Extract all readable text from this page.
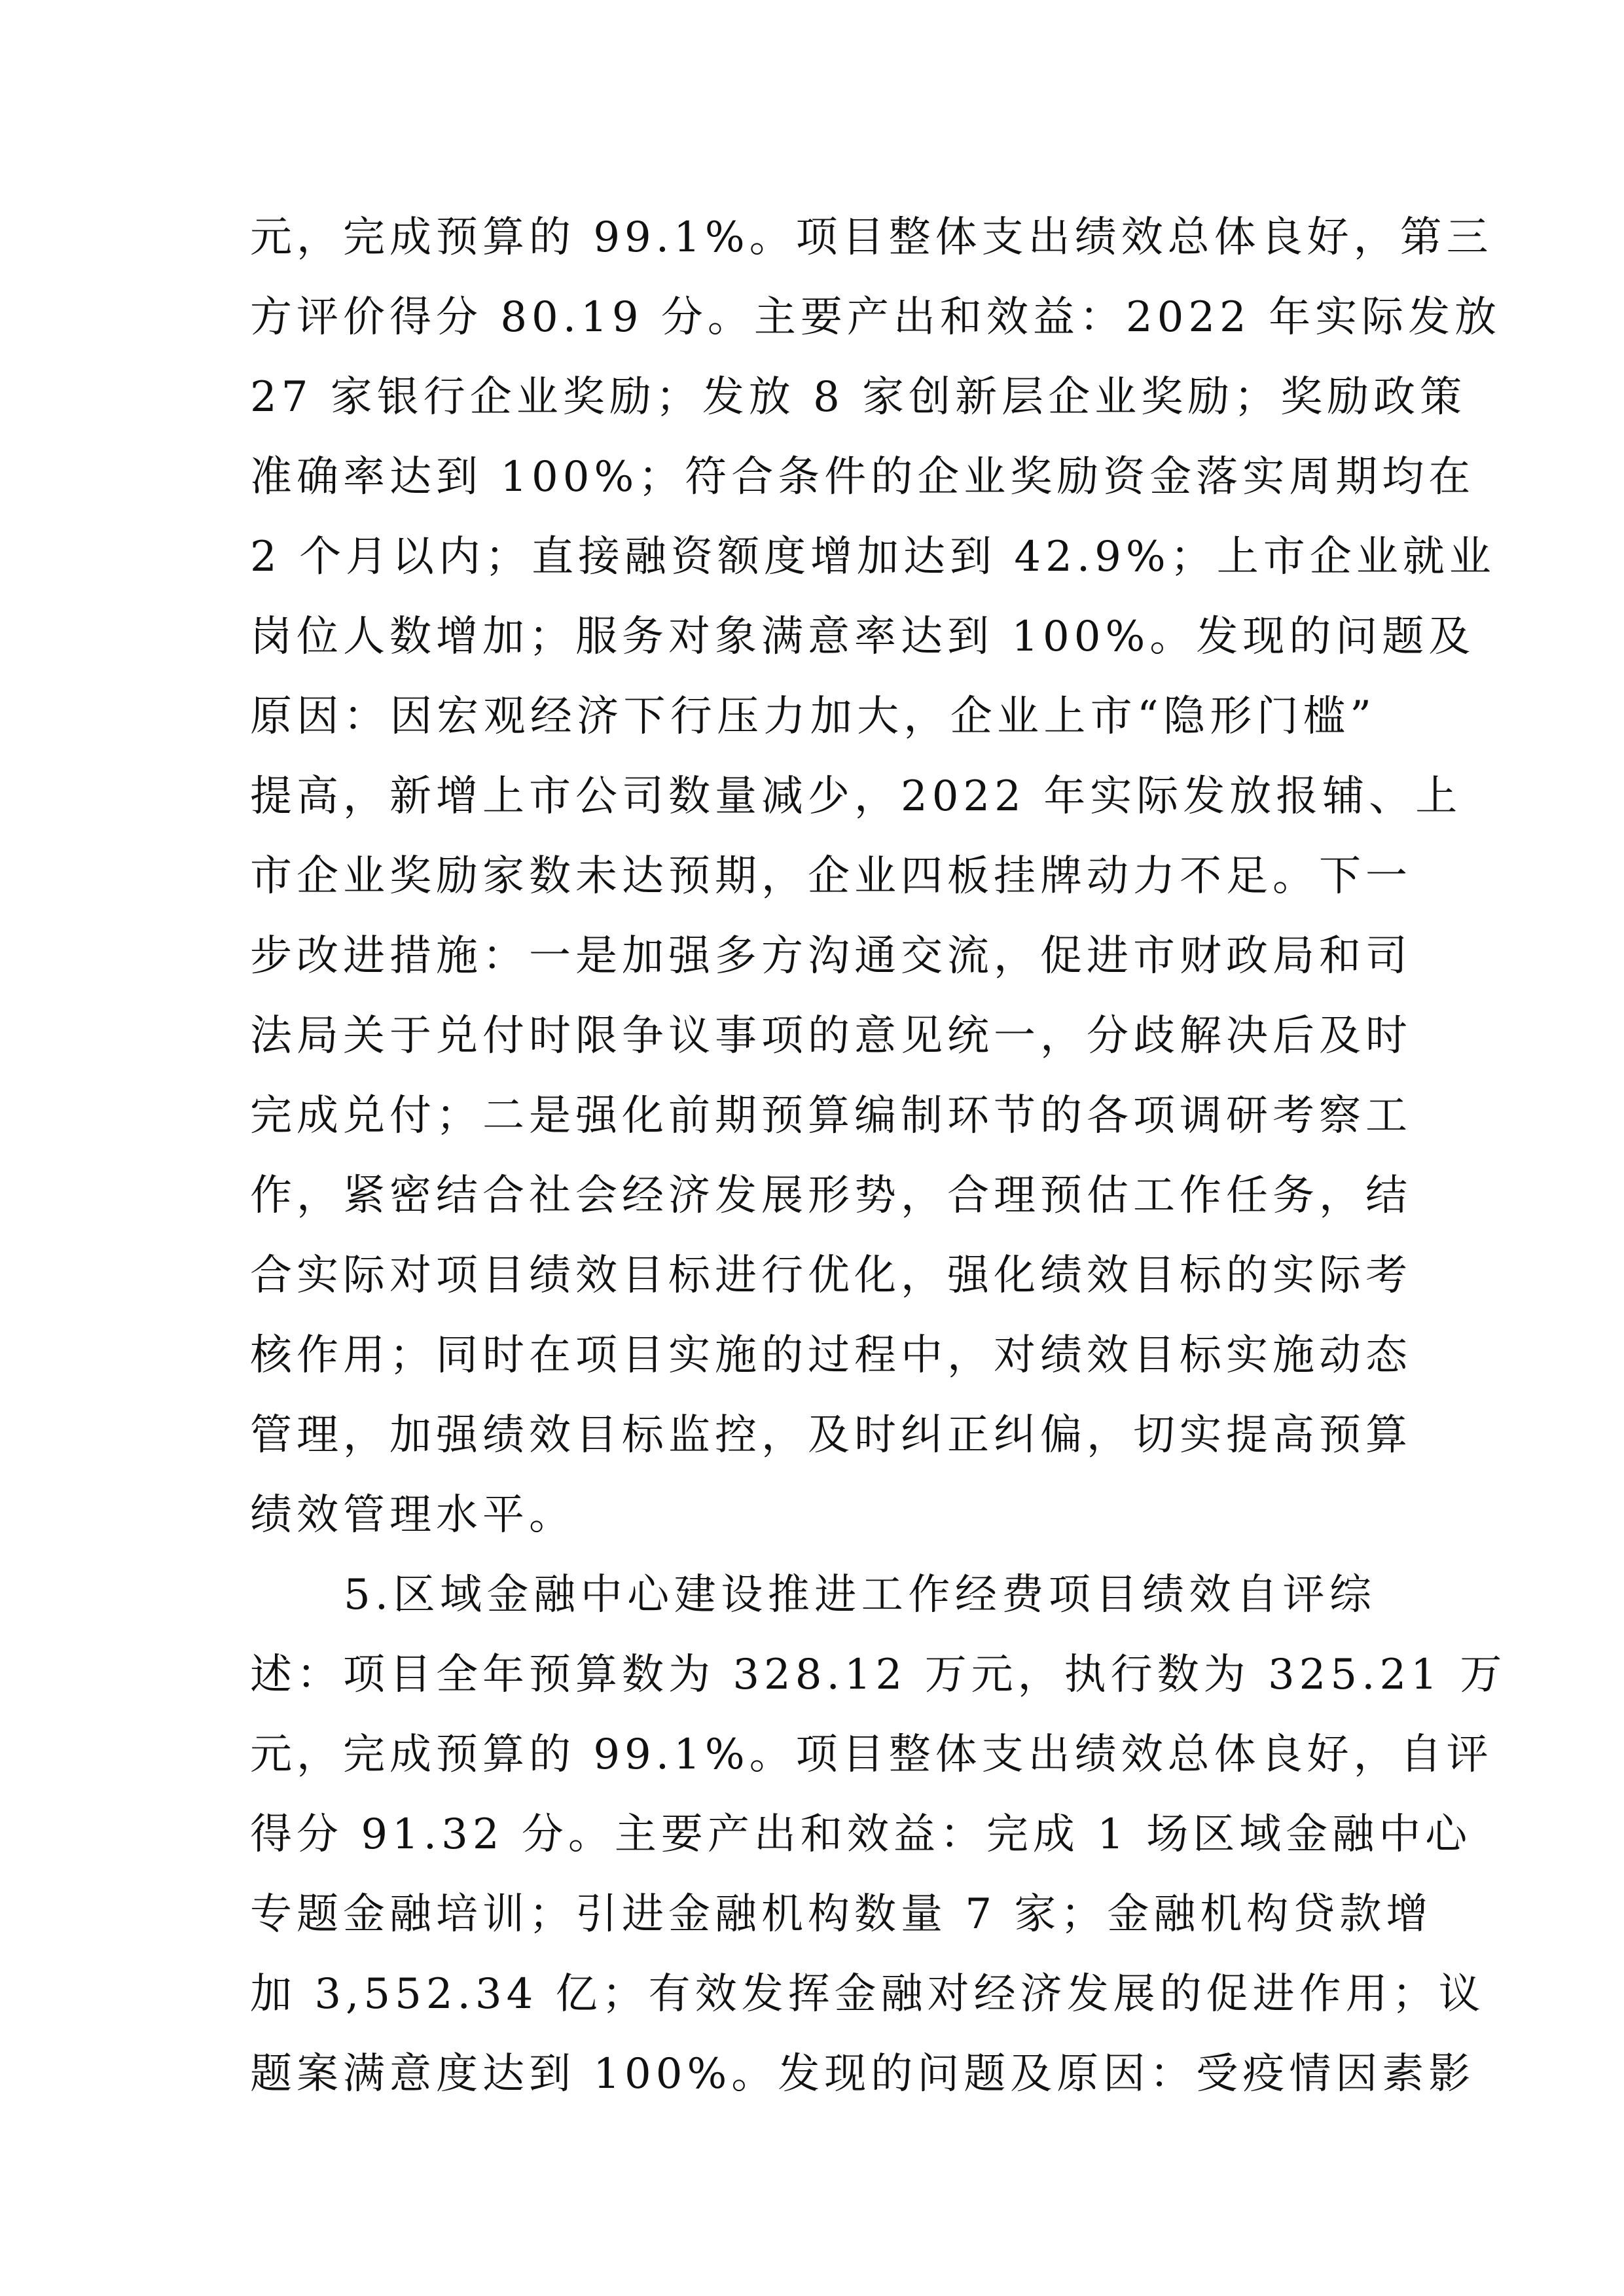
元，完成预算的 99.1%。项目整体支出绩效总体良好，第三
方评价得分 80.19 分。主要产出和效益：2022 年实际发放
27 家银行企业奖励；发放 8 家创新层企业奖励；奖励政策
准确率达到 100%；符合条件的企业奖励资金落实周期均在
2 个月以内；直接融资额度增加达到 42.9%；上市企业就业
岗位人数增加；服务对象满意率达到 100%。发现的问题及
原因：因宏观经济下行压力加大，企业上市“隐形门槛”
提高，新增上市公司数量减少，2022 年实际发放报辅、上
市企业奖励家数未达预期，企业四板挂牌动力不足。下一
步改进措施：一是加强多方沟通交流，促进市财政局和司
法局关于兑付时限争议事项的意见统一，分歧解决后及时
完成兑付；二是强化前期预算编制环节的各项调研考察工
作，紧密结合社会经济发展形势，合理预估工作任务，结
合实际对项目绩效目标进行优化，强化绩效目标的实际考
核作用；同时在项目实施的过程中，对绩效目标实施动态
管理，加强绩效目标监控，及时纠正纠偏，切实提高预算
绩效管理水平。
　　5.区域金融中心建设推进工作经费项目绩效自评综
述：项目全年预算数为 328.12 万元，执行数为 325.21 万
元，完成预算的 99.1%。项目整体支出绩效总体良好，自评
得分 91.32 分。主要产出和效益：完成 1 场区域金融中心
专题金融培训；引进金融机构数量 7 家；金融机构贷款增
加 3,552.34 亿；有效发挥金融对经济发展的促进作用；议
题案满意度达到 100%。发现的问题及原因：受疫情因素影
